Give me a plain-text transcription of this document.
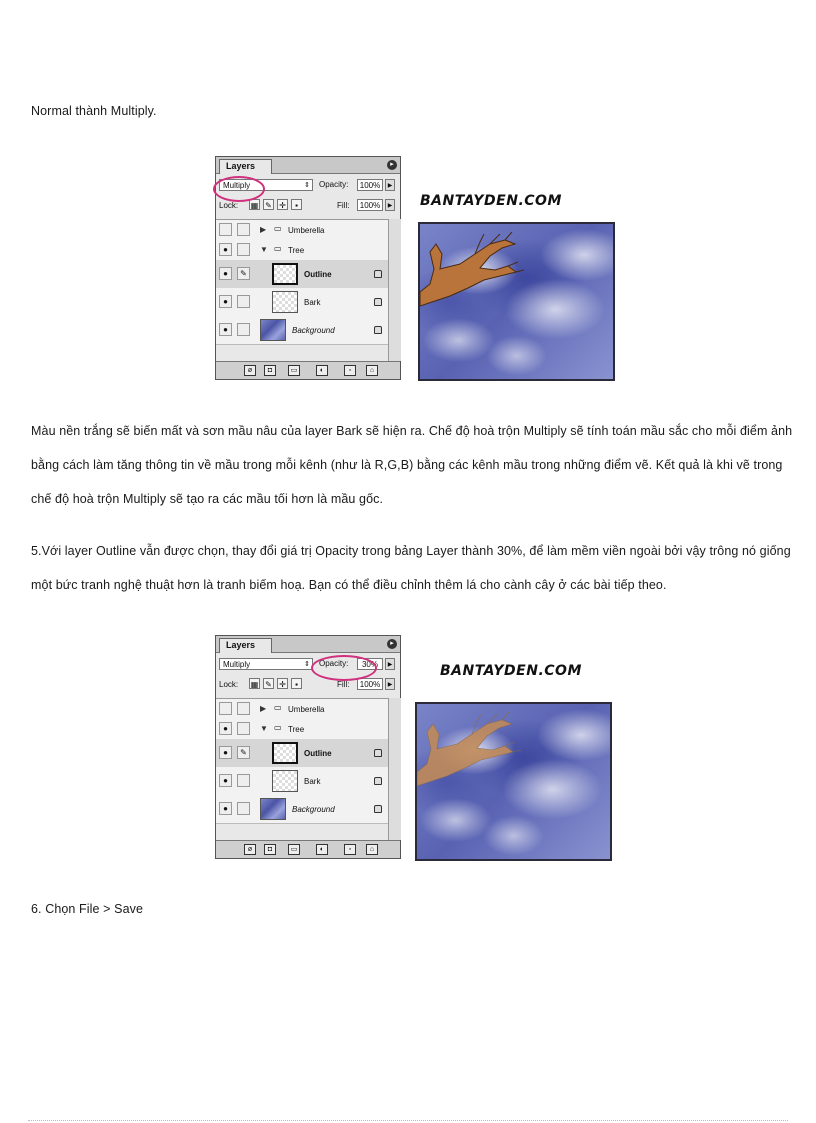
Normal thành Multiply.
Layers	▸
Multiply	⇕ Opacity:	100%	▶
Lock: ▦ ✎ ✛	▪	Fill:	100%	▶
▶ ▭ Umberella
●	▼ ▭ Tree
●	✎	Outline
●	Bark
●	Background
ø	◘	▭	◐	▫	⌂
BANTAYDEN.COM
Màu nền trắng sẽ biến mất và sơn mầu nâu của layer Bark sẽ hiện ra. Chế độ hoà trộn Multiply sẽ tính toán mầu sắc cho mỗi điểm ảnh bằng cách làm tăng thông tin về mầu trong mỗi kênh (như là R,G,B) bằng các kênh mầu trong những điểm vẽ. Kết quả là khi vẽ trong chế độ hoà trộn Multiply sẽ tạo ra các mầu tối hơn là mầu gốc.
5.Với layer Outline vẫn được chọn, thay đổi giá trị Opacity trong bảng Layer thành 30%, để làm mềm viền ngoài bởi vậy trông nó giống một bức tranh nghệ thuật hơn là tranh biếm hoạ. Bạn có thể điều chỉnh thêm lá cho cành cây ở các bài tiếp theo.
Layers	▸
Multiply	⇕ Opacity:	30%	▶
Lock: ▦ ✎ ✛	▪	Fill:	100%	▶
▶ ▭ Umberella
●	▼ ▭ Tree
●	✎	Outline
●	Bark
●	Background
ø	◘	▭	◐	▫	⌂
BANTAYDEN.COM
6. Chọn File > Save
